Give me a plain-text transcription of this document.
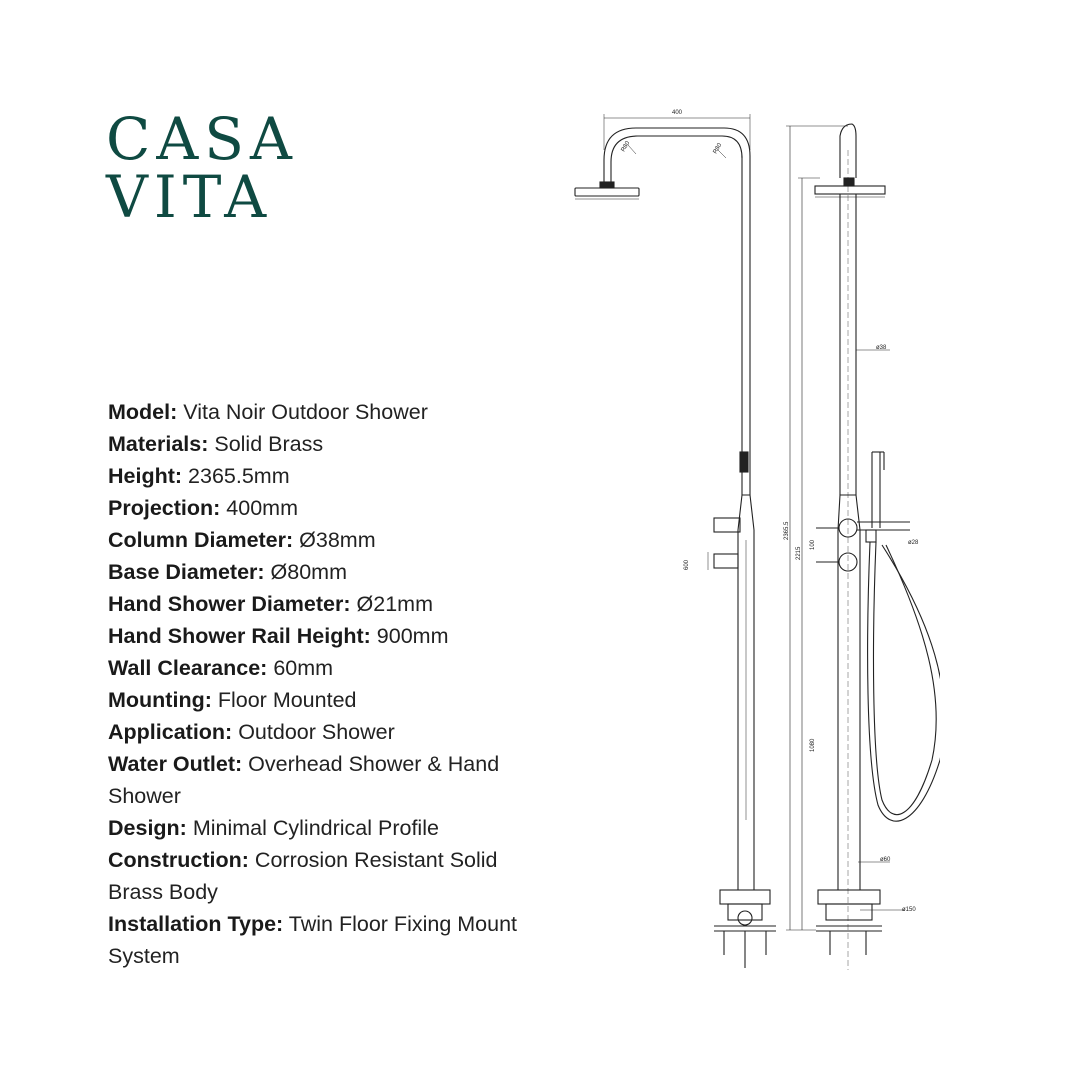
CASA
VITA
Model: Vita Noir Outdoor Shower
Materials: Solid Brass
Height: 2365.5mm
Projection: 400mm
Column Diameter: Ø38mm
Base Diameter: Ø80mm
Hand Shower Diameter: Ø21mm
Hand Shower Rail Height: 900mm
Wall Clearance: 60mm
Mounting: Floor Mounted
Application: Outdoor Shower
Water Outlet: Overhead Shower & Hand Shower
Design: Minimal Cylindrical Profile
Construction: Corrosion Resistant Solid Brass Body
Installation Type: Twin Floor Fixing Mount System
400
R80	R80
ø38
2365.5
2215
100	ø28
600
1080
ø60
ø150
